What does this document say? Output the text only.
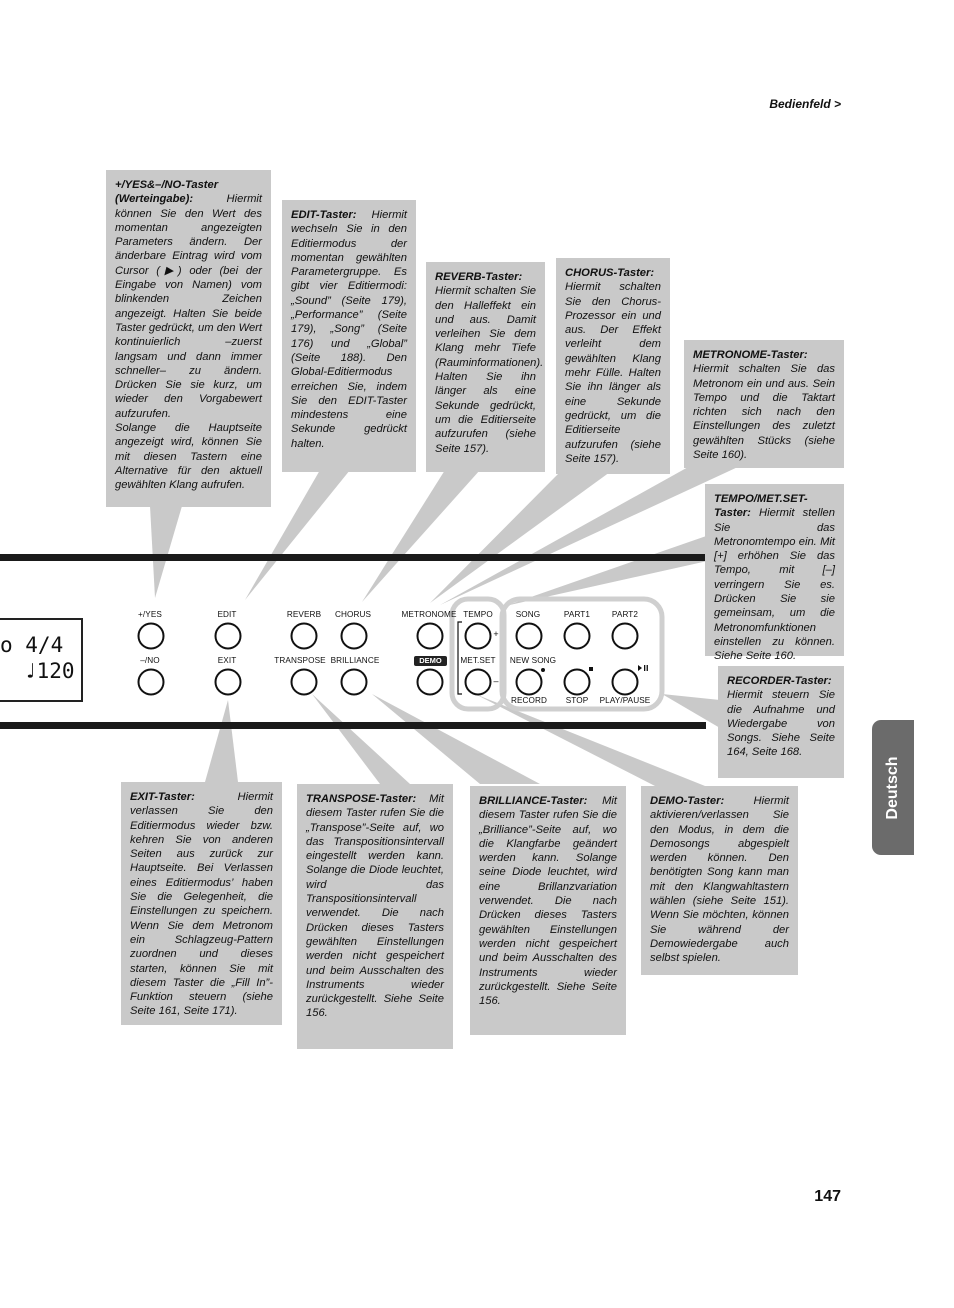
Bedienfeld >
o 4/4
♩120
+/YES
–/NO
EDIT
EXIT
REVERB
TRANSPOSE
CHORUS
BRILLIANCE
METRONOME
DEMO
TEMPO
MET.SET
+
–
SONG
NEW SONG
PART1	PART2
RECORD STOP PLAY/PAUSE

+/YES&–/NO-Taster (Werteingabe): Hiermit können Sie den Wert des momentan angezeigten Parameters ändern. Der änderbare Eintrag wird vom Cursor (▶) oder (bei der Eingabe von Namen) vom blinkenden Zeichen angezeigt. Halten Sie beide Taster gedrückt, um den Wert kontinuierlich –zuerst langsam und dann immer schneller– zu ändern. Drücken Sie sie kurz, um wieder den Vorgabewert aufzurufen.

Solange die Hauptseite angezeigt wird, können Sie mit diesen Tastern eine Alternative für den aktuell gewählten Klang aufrufen.

EDIT-Taster: Hiermit wechseln Sie in den Editiermodus der momentan gewählten Parametergruppe. Es gibt vier Editiermodi: „Sound” (Seite 179), „Performance” (Seite 179), „Song” (Seite 176) und „Global” (Seite 188). Den Global-Editiermodus erreichen Sie, indem Sie den EDIT-Taster mindestens eine Sekunde gedrückt halten.

REVERB-Taster: Hiermit schalten Sie den Halleffekt ein und aus. Damit verleihen Sie dem Klang mehr Tiefe (Rauminformationen). Halten Sie ihn länger als eine Sekunde gedrückt, um die Editierseite aufzurufen (siehe Seite 157).

CHORUS-Taster: Hiermit schalten Sie den Chorus-Prozessor ein und aus. Der Effekt verleiht dem gewählten Klang mehr Fülle. Halten Sie ihn länger als eine Sekunde gedrückt, um die Editierseite aufzurufen (siehe Seite 157).

METRONOME-Taster: Hiermit schalten Sie das Metronom ein und aus. Sein Tempo und die Taktart richten sich nach den Einstellungen des zuletzt gewählten Stücks (siehe Seite 160).

TEMPO/MET.SET-Taster: Hiermit stellen Sie das Metronomtempo ein. Mit [+] erhöhen Sie das Tempo, mit [–] verringern Sie es. Drücken Sie sie gemeinsam, um die Metronomfunktionen einstellen zu können. Siehe Seite 160.

RECORDER-Taster: Hiermit steuern Sie die Aufnahme und Wiedergabe von Songs. Siehe Seite 164, Seite 168.

EXIT-Taster: Hiermit verlassen Sie den Editiermodus wieder bzw. kehren Sie von anderen Seiten aus zurück zur Hauptseite. Bei Verlassen eines Editiermodus’ haben Sie die Gelegenheit, die Einstellungen zu speichern. Wenn Sie dem Metronom ein Schlagzeug-Pattern zuordnen und dieses starten, können Sie mit diesem Taster die „Fill In”-Funktion steuern (siehe Seite 161, Seite 171).

TRANSPOSE-Taster: Mit diesem Taster rufen Sie die „Transpose”-Seite auf, wo das Transpositionsintervall eingestellt werden kann. Solange die Diode leuchtet, wird das Transpositionsintervall verwendet. Die nach Drücken dieses Tasters gewählten Einstellungen werden nicht gespeichert und beim Ausschalten des Instruments wieder zurückgestellt. Siehe Seite 156.

BRILLIANCE-Taster: Mit diesem Taster rufen Sie die „Brilliance”-Seite auf, wo die Klangfarbe geändert werden kann. Solange seine Diode leuchtet, wird eine Brillanzvariation verwendet. Die nach Drücken dieses Tasters gewählten Einstellungen werden nicht gespeichert und beim Ausschalten des Instruments wieder zurückgestellt. Siehe Seite 156.

DEMO-Taster: Hiermit aktivieren/verlassen Sie den Modus, in dem die Demosongs abgespielt werden können. Den benötigten Song kann man mit den Klangwahltastern wählen (siehe Seite 151). Wenn Sie möchten, können Sie während der Demowiedergabe auch selbst spielen.

Deutsch
147
